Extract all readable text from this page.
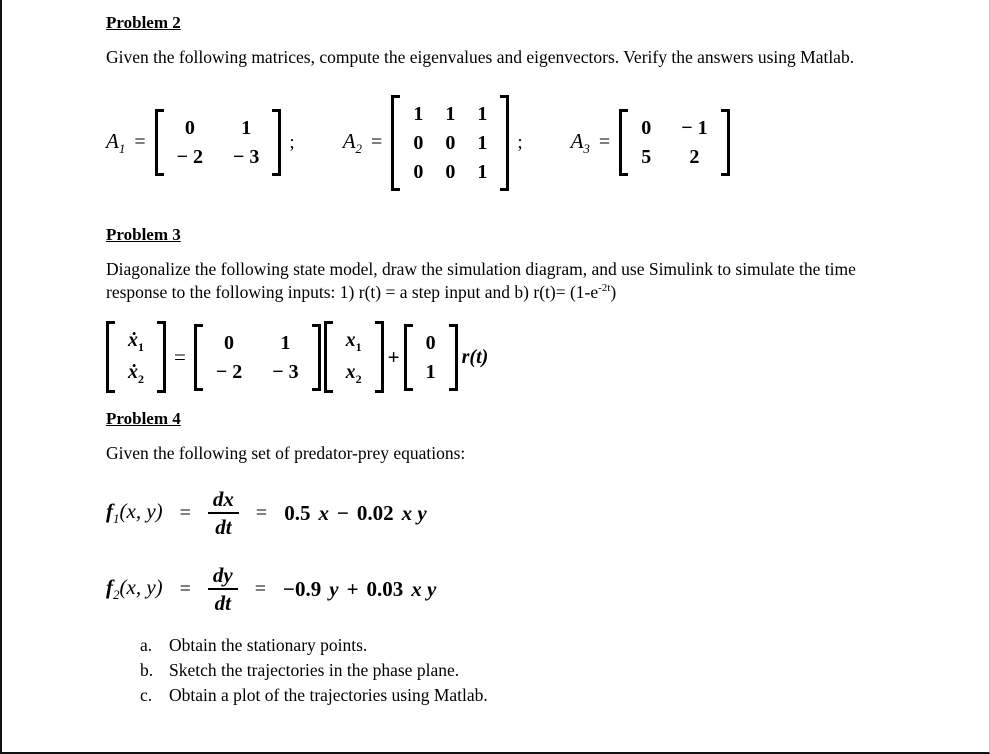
Problem 2

Given the following matrices, compute the eigenvalues and eigenvectors. Verify the answers using Matlab.

$A_1$ =
0 1
− 2 − 3
; $A_2$ =
1 1 1
0 0 1
0 0 1
; $A_3$ =
0 − 1
5 2
Problem 3

Diagonalize the following state model, draw the simulation diagram, and use Simulink to simulate the time response to the following inputs: 1) r(t) = a step input and b) $r(t)= (1-e^{-2t})$

ẋ$_1$
ẋ$_2$
=
0 1
− 2 − 3
$x_1$
$x_2$
+
0
1
r(t)
Problem 4

Given the following set of predator-prey equations:

$f_1(x$, $y) = \frac{dx}{dt} = 0.5$ x − 0.02 x y
$f_2(x$, $y) = \frac{dy}{dt} = -0.9$ y + 0.03 x y
a. Obtain the stationary points.
b. Sketch the trajectories in the phase plane.
c. Obtain a plot of the trajectories using Matlab.
